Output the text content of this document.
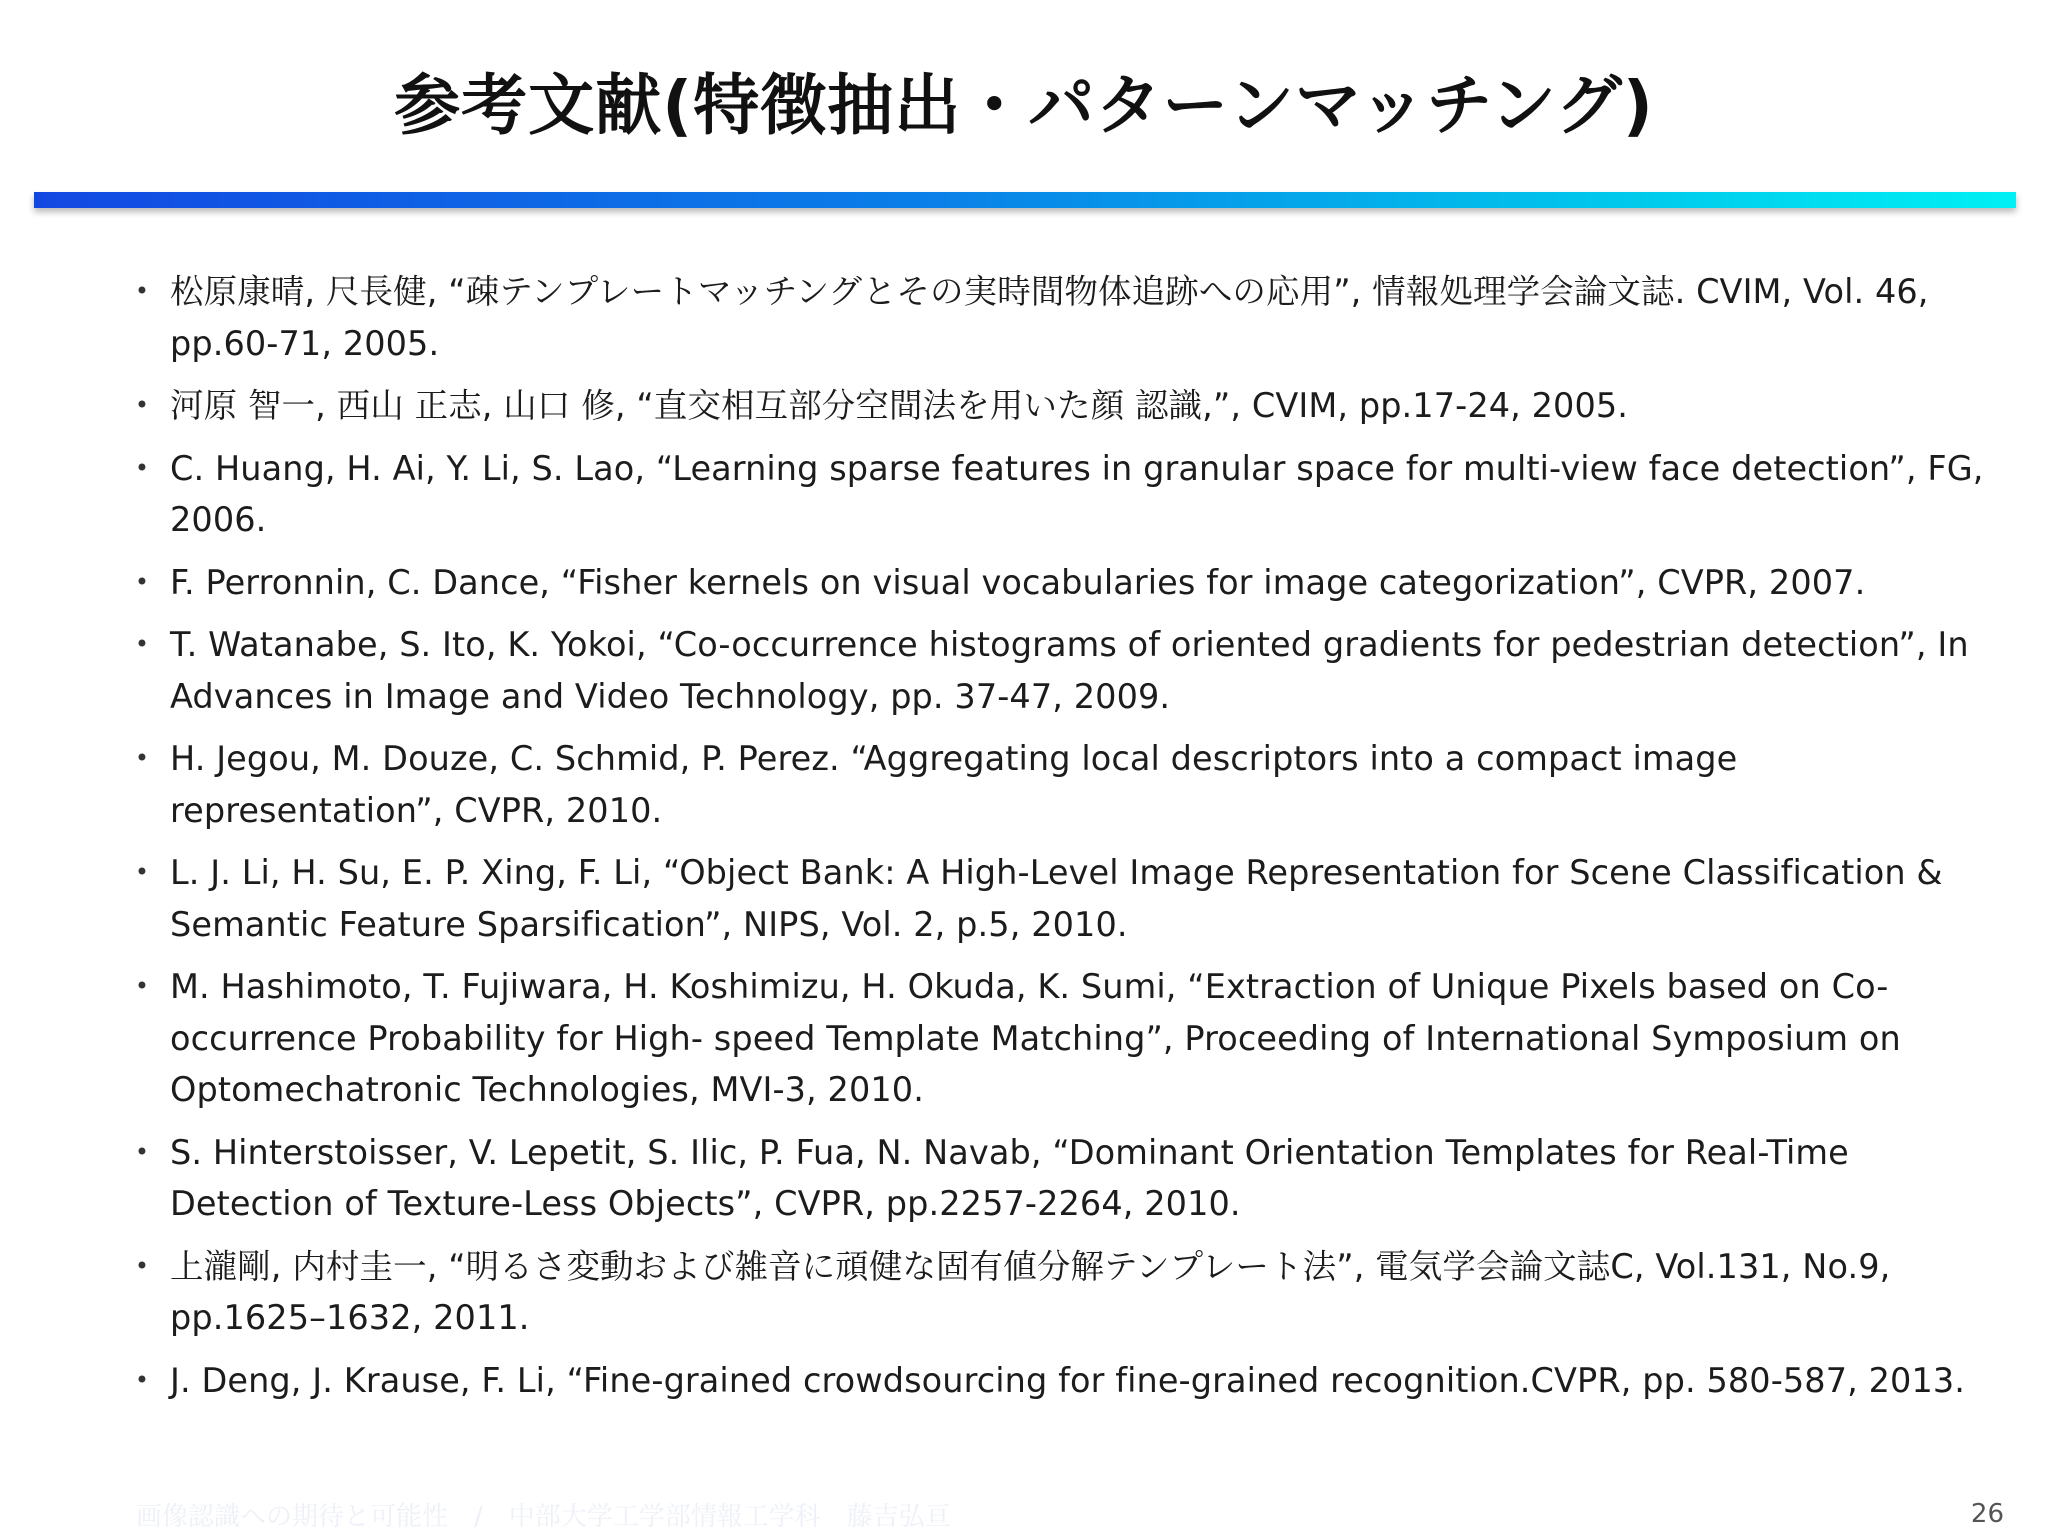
参考文献(特徴抽出・パターンマッチング)
• 松原康晴, 尺長健, “疎テンプレートマッチングとその実時間物体追跡への応用”, 情報処理学会論文誌. CVIM, Vol. 46, pp.60-71, 2005.
• 河原 智一, 西山 正志, 山口 修, “直交相互部分空間法を用いた顔 認識,”, CVIM, pp.17-24, 2005.
• C. Huang, H. Ai, Y. Li, S. Lao, “Learning sparse features in granular space for multi-view face detection”, FG, 2006.
• F. Perronnin, C. Dance, “Fisher kernels on visual vocabularies for image categorization”, CVPR, 2007.
• T. Watanabe, S. Ito, K. Yokoi, “Co-occurrence histograms of oriented gradients for pedestrian detection”, In Advances in Image and Video Technology, pp. 37-47, 2009.
• H. Jegou, M. Douze, C. Schmid, P. Perez. “Aggregating local descriptors into a compact image representation”, CVPR, 2010.
• L. J. Li, H. Su, E. P. Xing, F. Li, “Object Bank: A High-Level Image Representation for Scene Classification & Semantic Feature Sparsification”, NIPS, Vol. 2, p.5, 2010.
• M. Hashimoto, T. Fujiwara, H. Koshimizu, H. Okuda, K. Sumi, “Extraction of Unique Pixels based on Co-occurrence Probability for High- speed Template Matching”, Proceeding of International Symposium on Optomechatronic Technologies, MVI-3, 2010.
• S. Hinterstoisser, V. Lepetit, S. Ilic, P. Fua, N. Navab, “Dominant Orientation Templates for Real-Time Detection of Texture-Less Objects”, CVPR, pp.2257-2264, 2010.
• 上瀧剛, 内村圭一, “明るさ変動および雑音に頑健な固有値分解テンプレート法”, 電気学会論文誌C, Vol.131, No.9, pp.1625–1632, 2011.
• J. Deng, J. Krause, F. Li, “Fine-grained crowdsourcing for fine-grained recognition.CVPR, pp. 580-587, 2013.
画像認識への期待と可能性　/　中部大学工学部情報工学科　藤吉弘亘	26
